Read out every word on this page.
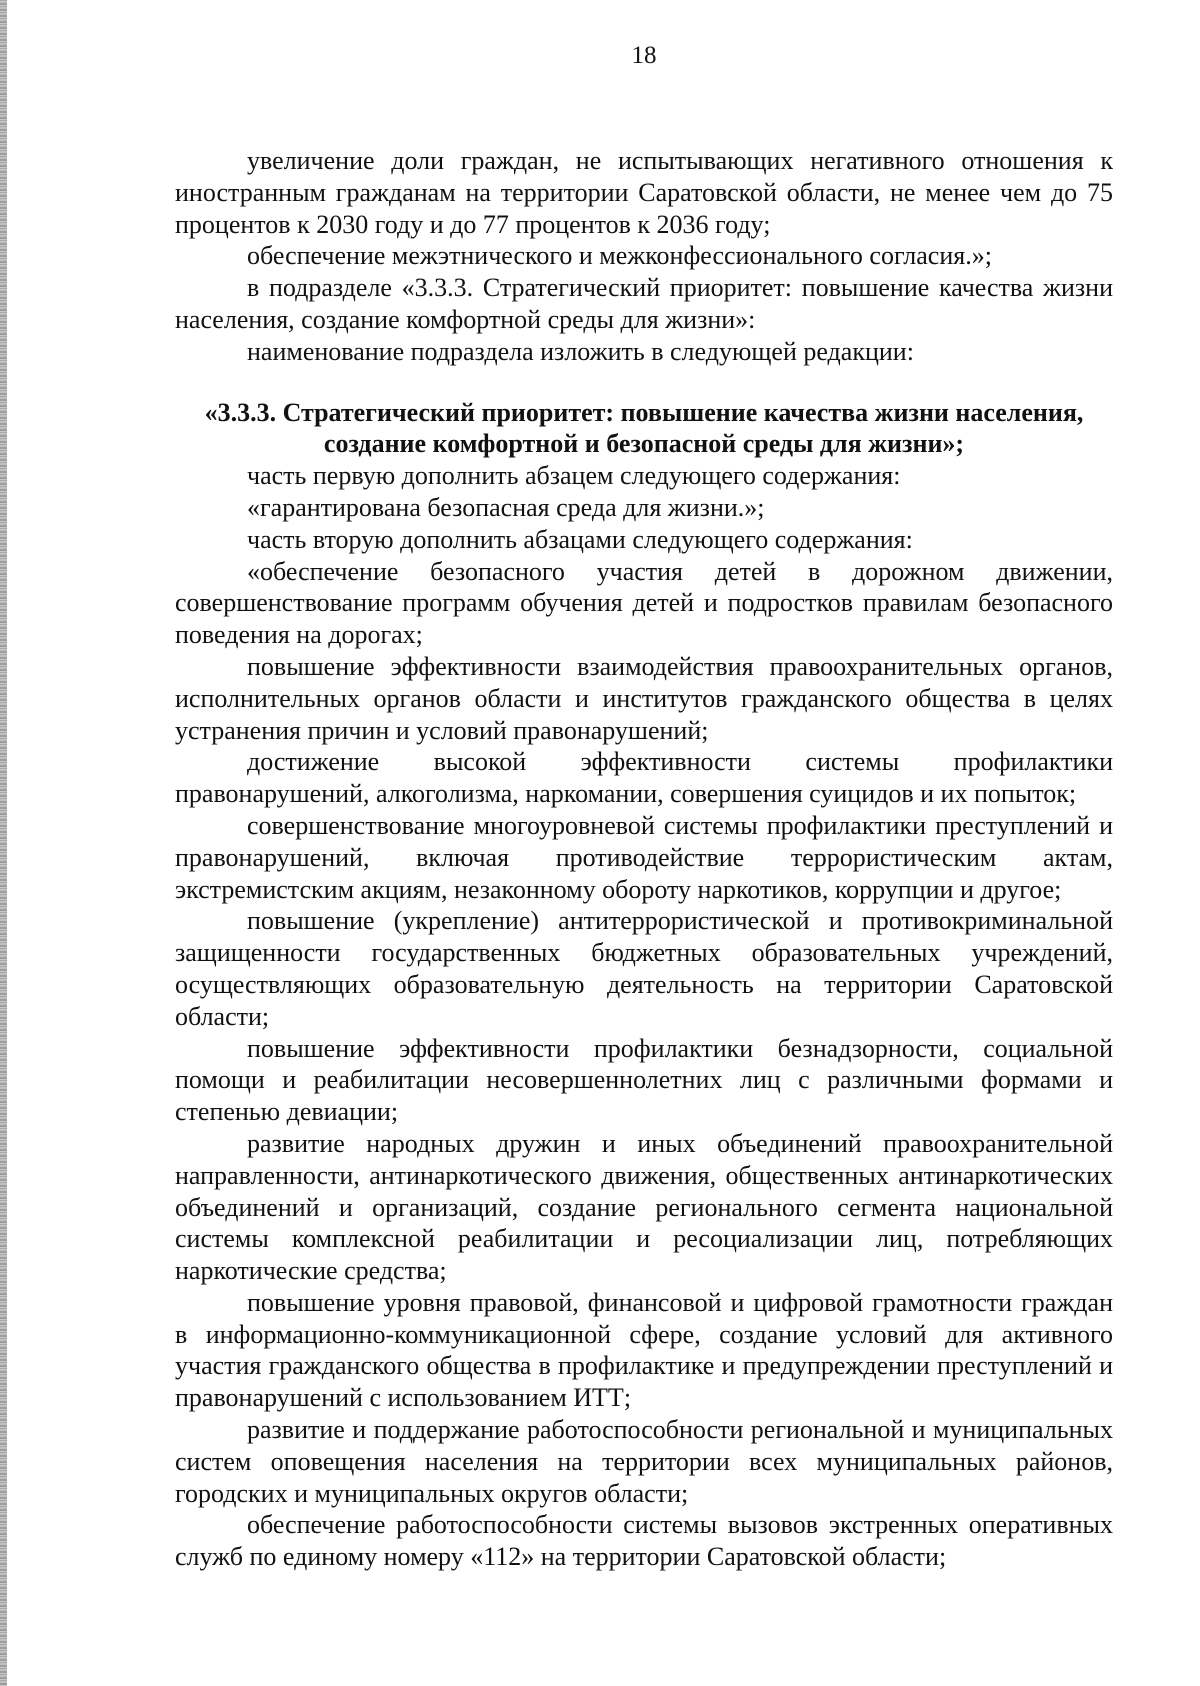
18

увеличение доли граждан, не испытывающих негативного отношения к иностранным гражданам на территории Саратовской области, не менее чем до 75 процентов к 2030 году и до 77 процентов к 2036 году;

обеспечение межэтнического и межконфессионального согласия.»;

в подразделе «3.3.3. Стратегический приоритет: повышение качества жизни населения, создание комфортной среды для жизни»:

наименование подраздела изложить в следующей редакции:

«3.3.3. Стратегический приоритет: повышение качества жизни населения, создание комфортной и безопасной среды для жизни»;

часть первую дополнить абзацем следующего содержания:

«гарантирована безопасная среда для жизни.»;

часть вторую дополнить абзацами следующего содержания:

«обеспечение безопасного участия детей в дорожном движении, совершенствование программ обучения детей и подростков правилам безопасного поведения на дорогах;

повышение эффективности взаимодействия правоохранительных органов, исполнительных органов области и институтов гражданского общества в целях устранения причин и условий правонарушений;

достижение высокой эффективности системы профилактики правонарушений, алкоголизма, наркомании, совершения суицидов и их попыток;

совершенствование многоуровневой системы профилактики преступлений и правонарушений, включая противодействие террористическим актам, экстремистским акциям, незаконному обороту наркотиков, коррупции и другое;

повышение (укрепление) антитеррористической и противокриминальной защищенности государственных бюджетных образовательных учреждений, осуществляющих образовательную деятельность на территории Саратовской области;

повышение эффективности профилактики безнадзорности, социальной помощи и реабилитации несовершеннолетних лиц с различными формами и степенью девиации;

развитие народных дружин и иных объединений правоохранительной направленности, антинаркотического движения, общественных антинаркотических объединений и организаций, создание регионального сегмента национальной системы комплексной реабилитации и ресоциализации лиц, потребляющих наркотические средства;

повышение уровня правовой, финансовой и цифровой грамотности граждан в информационно-коммуникационной сфере, создание условий для активного участия гражданского общества в профилактике и предупреждении преступлений и правонарушений с использованием ИТТ;

развитие и поддержание работоспособности региональной и муниципальных систем оповещения населения на территории всех муниципальных районов, городских и муниципальных округов области;

обеспечение работоспособности системы вызовов экстренных оперативных служб по единому номеру «112» на территории Саратовской области;
